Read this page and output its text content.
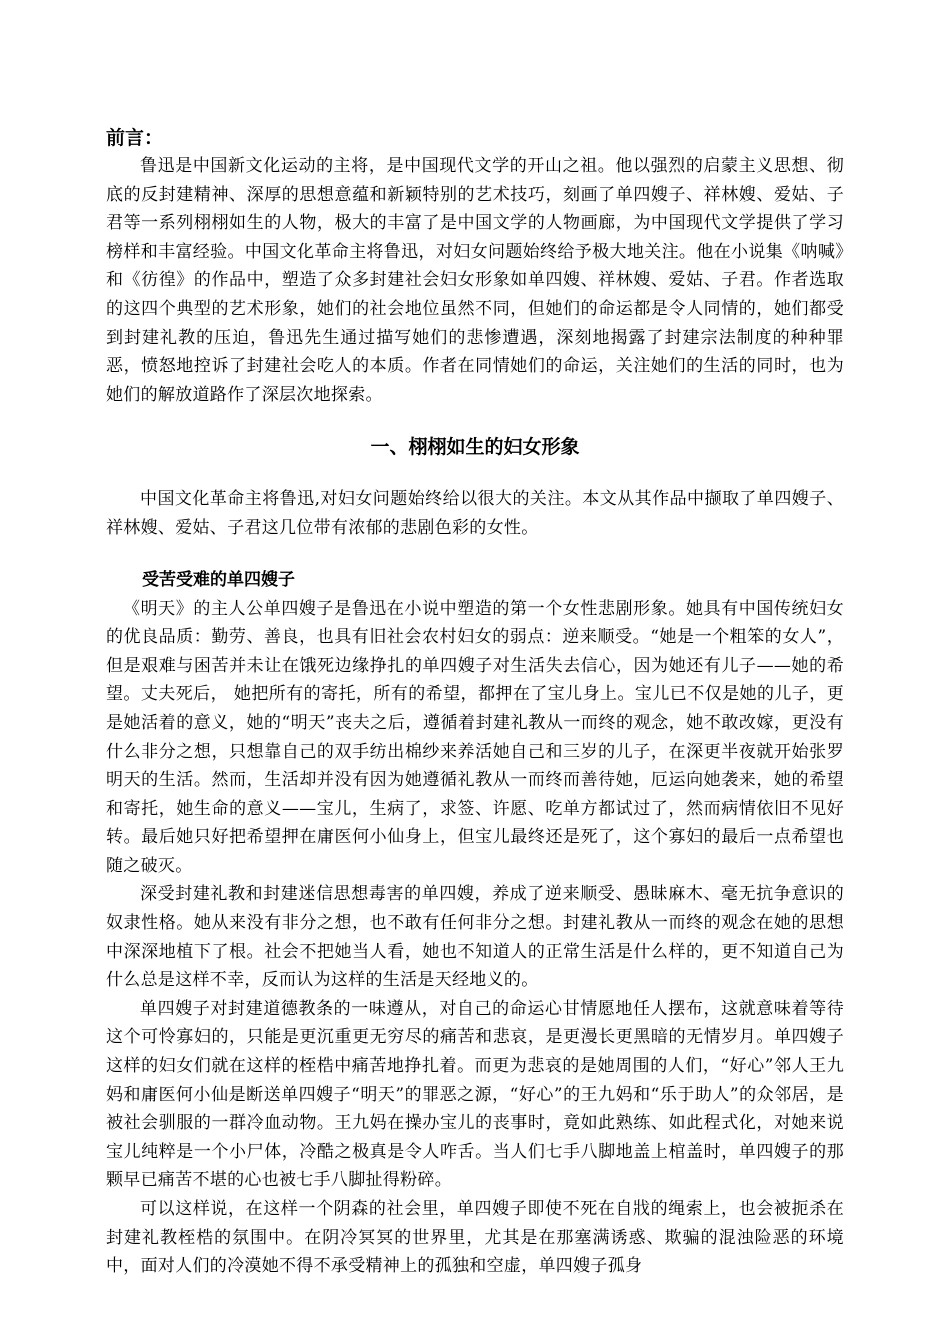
前言：

鲁迅是中国新文化运动的主将，是中国现代文学的开山之祖。他以强烈的启蒙主义思想、彻底的反封建精神、深厚的思想意蕴和新颖特别的艺术技巧，刻画了单四嫂子、祥林嫂、爱姑、子君等一系列栩栩如生的人物，极大的丰富了是中国文学的人物画廊，为中国现代文学提供了学习榜样和丰富经验。中国文化革命主将鲁迅，对妇女问题始终给予极大地关注。他在小说集《呐喊》和《彷徨》的作品中，塑造了众多封建社会妇女形象如单四嫂、祥林嫂、爱姑、子君。作者选取的这四个典型的艺术形象，她们的社会地位虽然不同，但她们的命运都是令人同情的，她们都受到封建礼教的压迫，鲁迅先生通过描写她们的悲惨遭遇，深刻地揭露了封建宗法制度的种种罪恶，愤怒地控诉了封建社会吃人的本质。作者在同情她们的命运，关注她们的生活的同时，也为她们的解放道路作了深层次地探索。

一、栩栩如生的妇女形象

中国文化革命主将鲁迅,对妇女问题始终给以很大的关注。本文从其作品中撷取了单四嫂子、祥林嫂、爱姑、子君这几位带有浓郁的悲剧色彩的女性。

受苦受难的单四嫂子

《明天》的主人公单四嫂子是鲁迅在小说中塑造的第一个女性悲剧形象。她具有中国传统妇女的优良品质：勤劳、善良，也具有旧社会农村妇女的弱点：逆来顺受。“她是一个粗笨的女人”， 但是艰难与困苦并未让在饿死边缘挣扎的单四嫂子对生活失去信心，因为她还有儿子——她的希望。丈夫死后， 她把所有的寄托，所有的希望，都押在了宝儿身上。宝儿已不仅是她的儿子，更是她活着的意义，她的“明天”丧夫之后，遵循着封建礼教从一而终的观念，她不敢改嫁，更没有什么非分之想，只想靠自己的双手纺出棉纱来养活她自己和三岁的儿子，在深更半夜就开始张罗明天的生活。然而，生活却并没有因为她遵循礼教从一而终而善待她，厄运向她袭来，她的希望和寄托，她生命的意义——宝儿，生病了，求签、许愿、吃单方都试过了，然而病情依旧不见好转。最后她只好把希望押在庸医何小仙身上，但宝儿最终还是死了，这个寡妇的最后一点希望也随之破灭。

深受封建礼教和封建迷信思想毒害的单四嫂，养成了逆来顺受、愚昧麻木、毫无抗争意识的奴隶性格。她从来没有非分之想，也不敢有任何非分之想。封建礼教从一而终的观念在她的思想中深深地植下了根。社会不把她当人看，她也不知道人的正常生活是什么样的，更不知道自己为什么总是这样不幸，反而认为这样的生活是天经地义的。

单四嫂子对封建道德教条的一味遵从，对自己的命运心甘情愿地任人摆布，这就意味着等待这个可怜寡妇的，只能是更沉重更无穷尽的痛苦和悲哀，是更漫长更黑暗的无情岁月。单四嫂子这样的妇女们就在这样的桎梏中痛苦地挣扎着。而更为悲哀的是她周围的人们，“好心”邻人王九妈和庸医何小仙是断送单四嫂子“明天”的罪恶之源，“好心”的王九妈和“乐于助人”的众邻居，是被社会驯服的一群冷血动物。王九妈在操办宝儿的丧事时，竟如此熟练、如此程式化，对她来说宝儿纯粹是一个小尸体，冷酷之极真是令人咋舌。当人们七手八脚地盖上棺盖时，单四嫂子的那颗早已痛苦不堪的心也被七手八脚扯得粉碎。

可以这样说，在这样一个阴森的社会里，单四嫂子即使不死在自戕的绳索上，也会被扼杀在封建礼教桎梏的氛围中。在阴冷冥冥的世界里，尤其是在那塞满诱惑、欺骗的混浊险恶的环境中，面对人们的冷漠她不得不承受精神上的孤独和空虚，单四嫂子孤身
